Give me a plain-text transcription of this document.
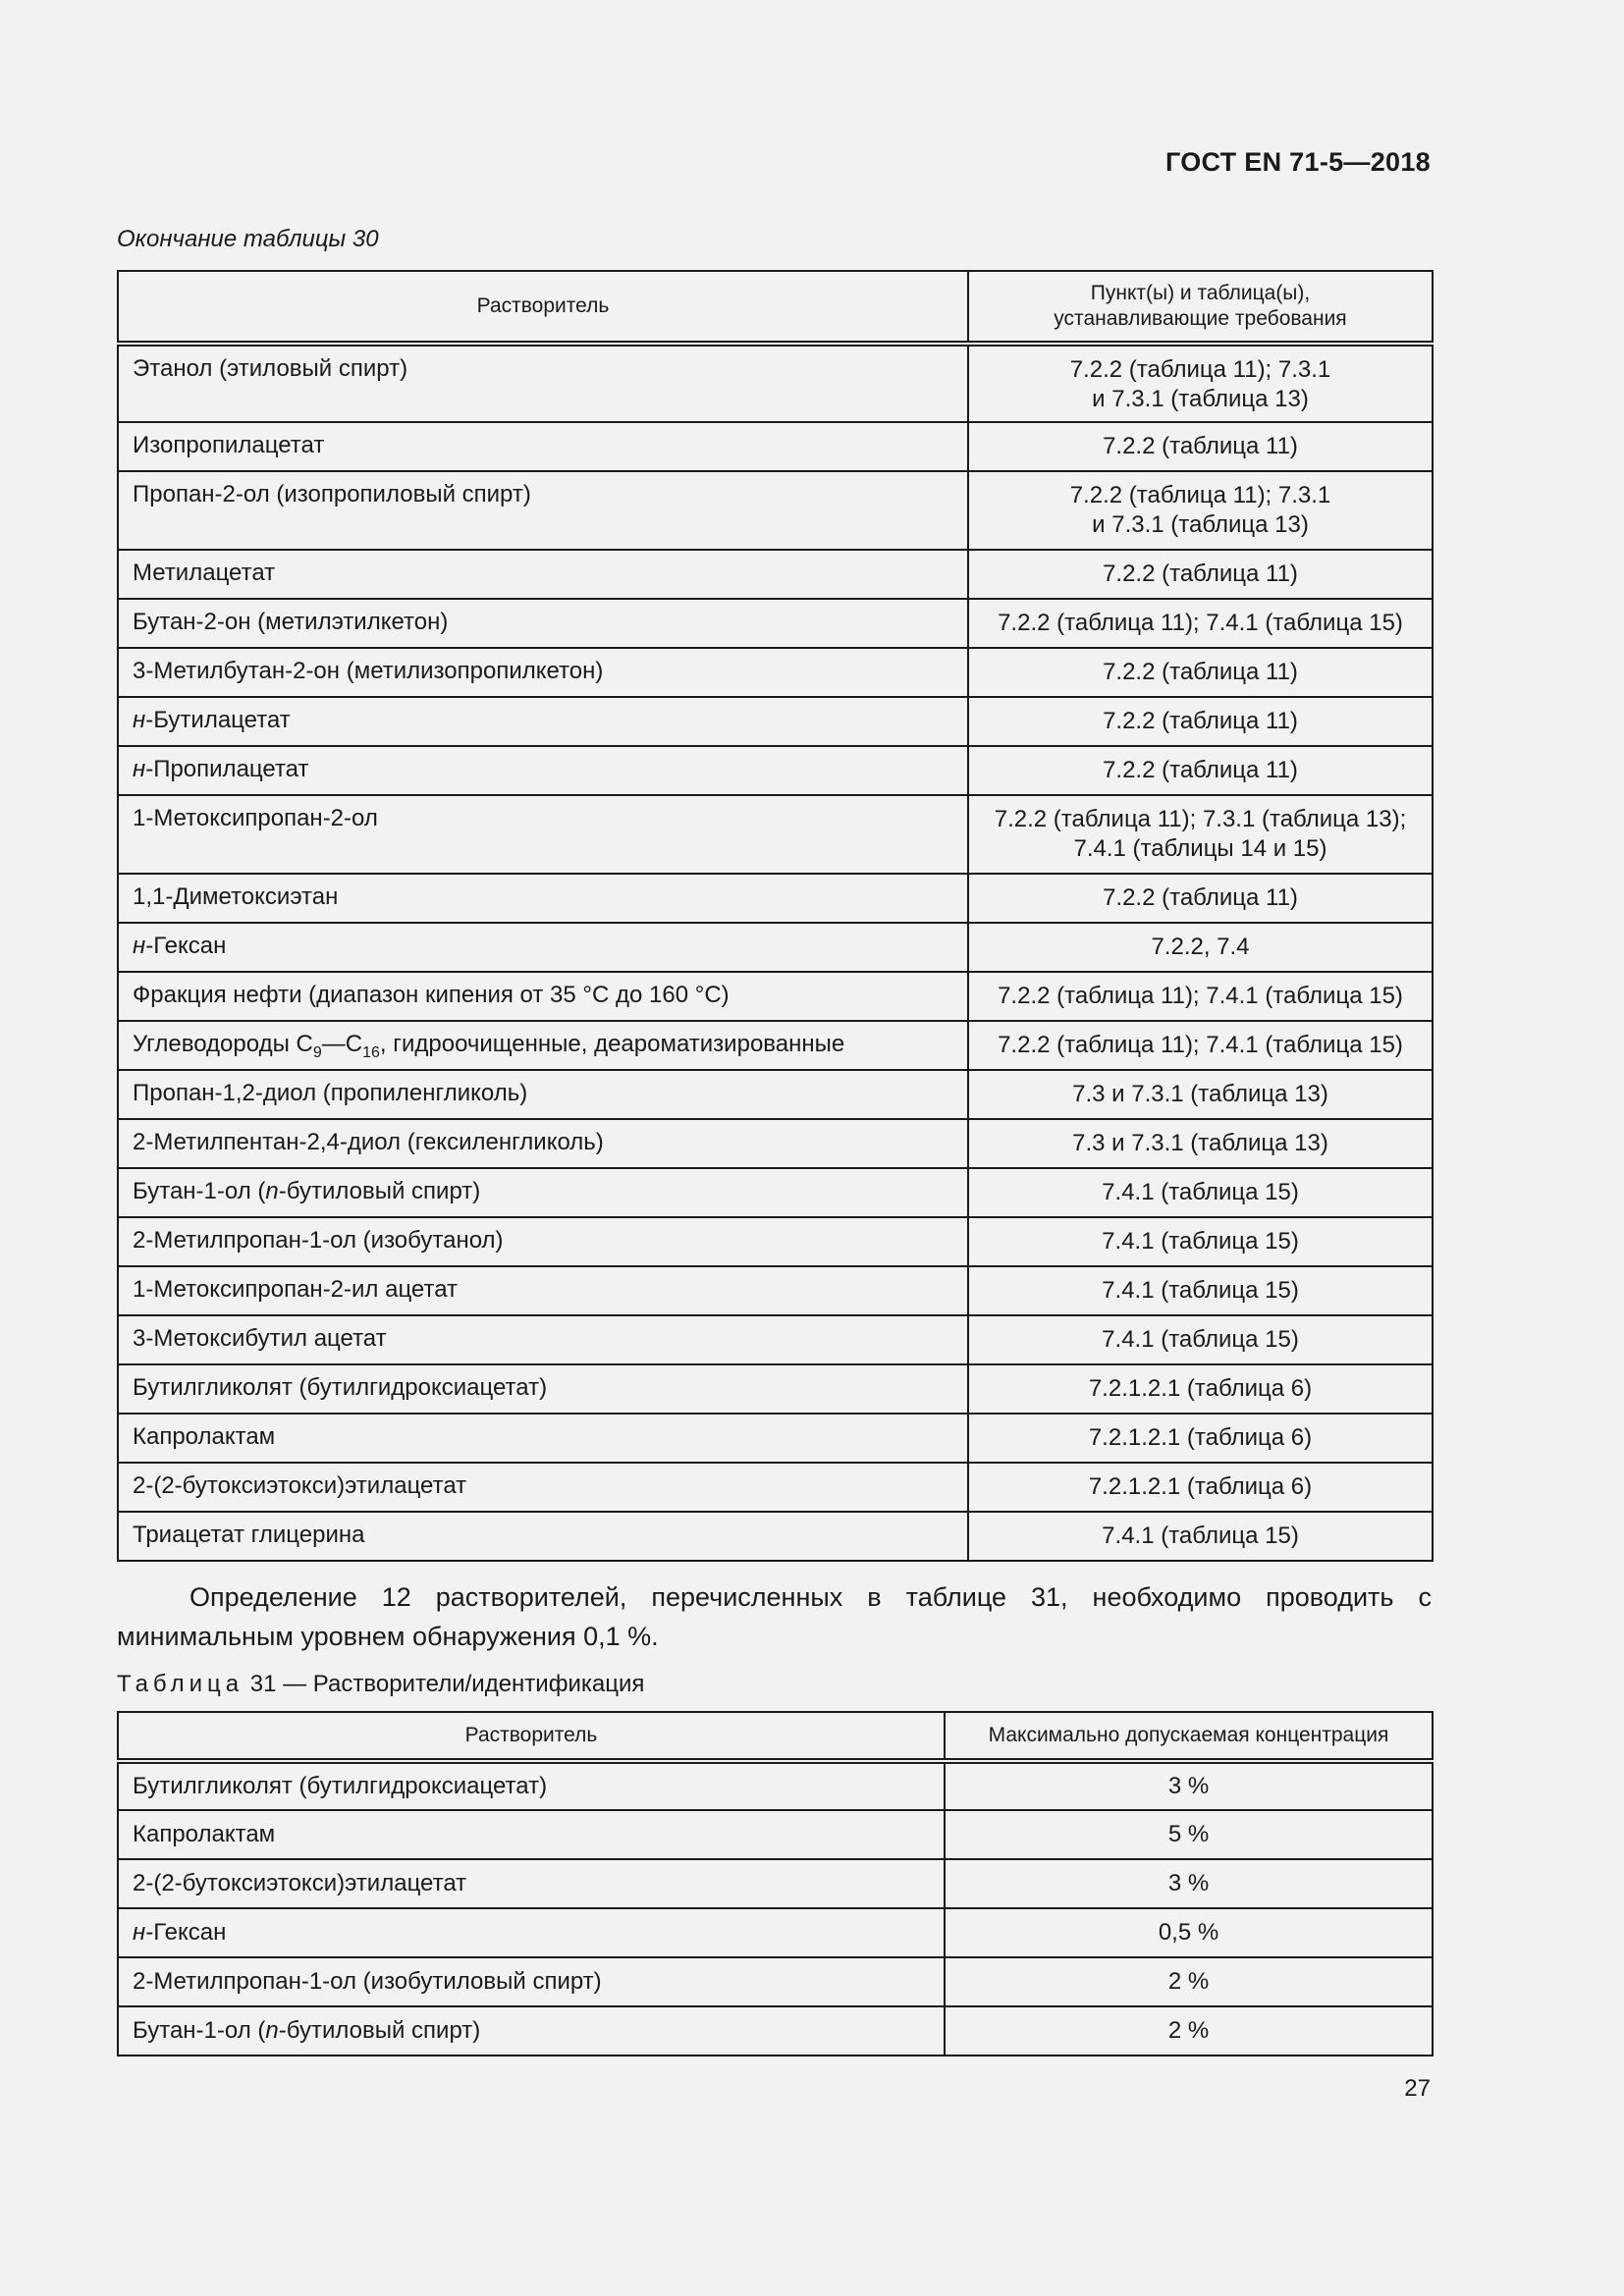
ГОСТ EN 71-5—2018
Окончание таблицы 30
Растворитель	Пункт(ы) и таблица(ы),
устанавливающие требования

Этанол (этиловый спирт)	7.2.2 (таблица 11); 7.3.1
и 7.3.1 (таблица 13)

Изопропилацетат	7.2.2 (таблица 11)

Пропан-2-ол (изопропиловый спирт)	7.2.2 (таблица 11); 7.3.1
и 7.3.1 (таблица 13)

Метилацетат	7.2.2 (таблица 11)

Бутан-2-он (метилэтилкетон)	7.2.2 (таблица 11); 7.4.1 (таблица 15)

3-Метилбутан-2-он (метилизопропилкетон)	7.2.2 (таблица 11)

н-Бутилацетат	7.2.2 (таблица 11)

н-Пропилацетат	7.2.2 (таблица 11)

1-Метоксипропан-2-ол	7.2.2 (таблица 11); 7.3.1 (таблица 13);
7.4.1 (таблицы 14 и 15)

1,1-Диметоксиэтан	7.2.2 (таблица 11)

н-Гексан	7.2.2, 7.4

Фракция нефти (диапазон кипения от 35 °C до 160 °C)	7.2.2 (таблица 11); 7.4.1 (таблица 15)

Углеводороды $C_9—C_{16}$, гидроочищенные, деароматизированные	7.2.2 (таблица 11); 7.4.1 (таблица 15)

Пропан-1,2-диол (пропиленгликоль)	7.3 и 7.3.1 (таблица 13)

2-Метилпентан-2,4-диол (гексиленгликоль)	7.3 и 7.3.1 (таблица 13)

Бутан-1-ол (n-бутиловый спирт)	7.4.1 (таблица 15)

2-Метилпропан-1-ол (изобутанол)	7.4.1 (таблица 15)

1-Метоксипропан-2-ил ацетат	7.4.1 (таблица 15)

3-Метоксибутил ацетат	7.4.1 (таблица 15)

Бутилгликолят (бутилгидроксиацетат)	7.2.1.2.1 (таблица 6)

Капролактам	7.2.1.2.1 (таблица 6)

2-(2-бутоксиэтокси)этилацетат	7.2.1.2.1 (таблица 6)

Триацетат глицерина	7.4.1 (таблица 15)
Определение 12 растворителей, перечисленных в таблице 31, необходимо проводить с минимальным уровнем обнаружения 0,1 %.
Таблица 31 — Растворители/идентификация
Растворитель	Максимально допускаемая концентрация
Бутилгликолят (бутилгидроксиацетат)	3 %
Капролактам	5 %
2-(2-бутоксиэтокси)этилацетат	3 %
н-Гексан	0,5 %
2-Метилпропан-1-ол (изобутиловый спирт)	2 %
Бутан-1-ол (n-бутиловый спирт)	2 %
27
